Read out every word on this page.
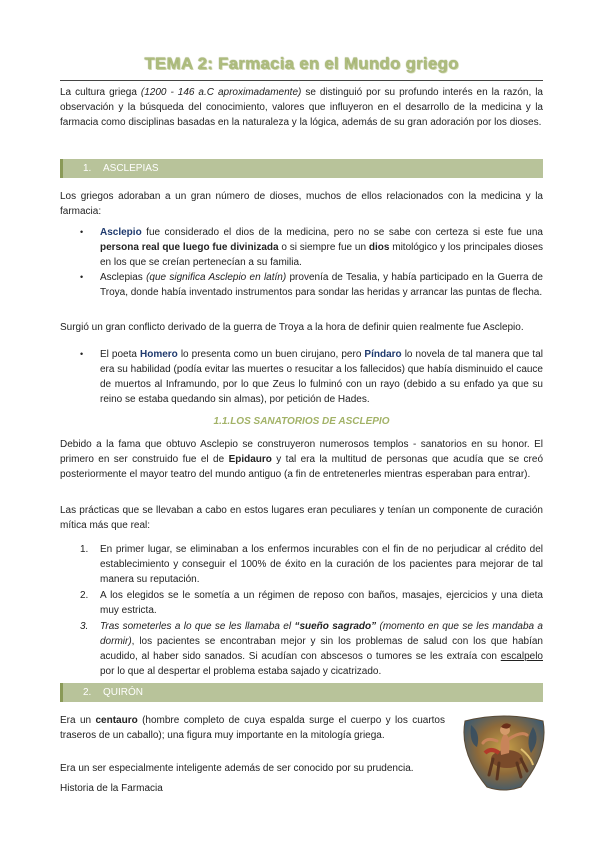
TEMA 2: Farmacia en el Mundo griego

La cultura griega (1200 - 146 a.C aproximadamente) se distinguió por su profundo interés en la razón, la observación y la búsqueda del conocimiento, valores que influyeron en el desarrollo de la medicina y la farmacia como disciplinas basadas en la naturaleza y la lógica, además de su gran adoración por los dioses.

1. ASCLEPIAS

Los griegos adoraban a un gran número de dioses, muchos de ellos relacionados con la medicina y la farmacia:

• Asclepio fue considerado el dios de la medicina, pero no se sabe con certeza si este fue una persona real que luego fue divinizada o si siempre fue un dios mitológico y los principales dioses en los que se creían pertenecían a su familia.
• Asclepias (que significa Asclepio en latín) provenía de Tesalia, y había participado en la Guerra de Troya, donde había inventado instrumentos para sondar las heridas y arrancar las puntas de flecha.

Surgió un gran conflicto derivado de la guerra de Troya a la hora de definir quien realmente fue Asclepio.

• El poeta Homero lo presenta como un buen cirujano, pero Píndaro lo novela de tal manera que tal era su habilidad (podía evitar las muertes o resucitar a los fallecidos) que había disminuido el cauce de muertos al Inframundo, por lo que Zeus lo fulminó con un rayo (debido a su enfado ya que su reino se estaba quedando sin almas), por petición de Hades.
1.1.LOS SANATORIOS DE ASCLEPIO

Debido a la fama que obtuvo Asclepio se construyeron numerosos templos - sanatorios en su honor. El primero en ser construido fue el de Epidauro y tal era la multitud de personas que acudía que se creó posteriormente el mayor teatro del mundo antiguo (a fin de entretenerles mientras esperaban para entrar).

Las prácticas que se llevaban a cabo en estos lugares eran peculiares y tenían un componente de curación mítica más que real:

1. En primer lugar, se eliminaban a los enfermos incurables con el fin de no perjudicar al crédito del establecimiento y conseguir el 100% de éxito en la curación de los pacientes para mejorar de tal manera su reputación.
2. A los elegidos se le sometía a un régimen de reposo con baños, masajes, ejercicios y una dieta muy estricta.
3. Tras someterles a lo que se les llamaba el “sueño sagrado” (momento en que se les mandaba a dormir), los pacientes se encontraban mejor y sin los problemas de salud con los que habían acudido, al haber sido sanados. Si acudían con abscesos o tumores se les extraía con escalpelo por lo que al despertar el problema estaba sajado y cicatrizado.
2. QUIRÓN

Era un centauro (hombre completo de cuya espalda surge el cuerpo y los cuartos traseros de un caballo); una figura muy importante en la mitología griega.

Era un ser especialmente inteligente además de ser conocido por su prudencia.

Historia de la Farmacia
